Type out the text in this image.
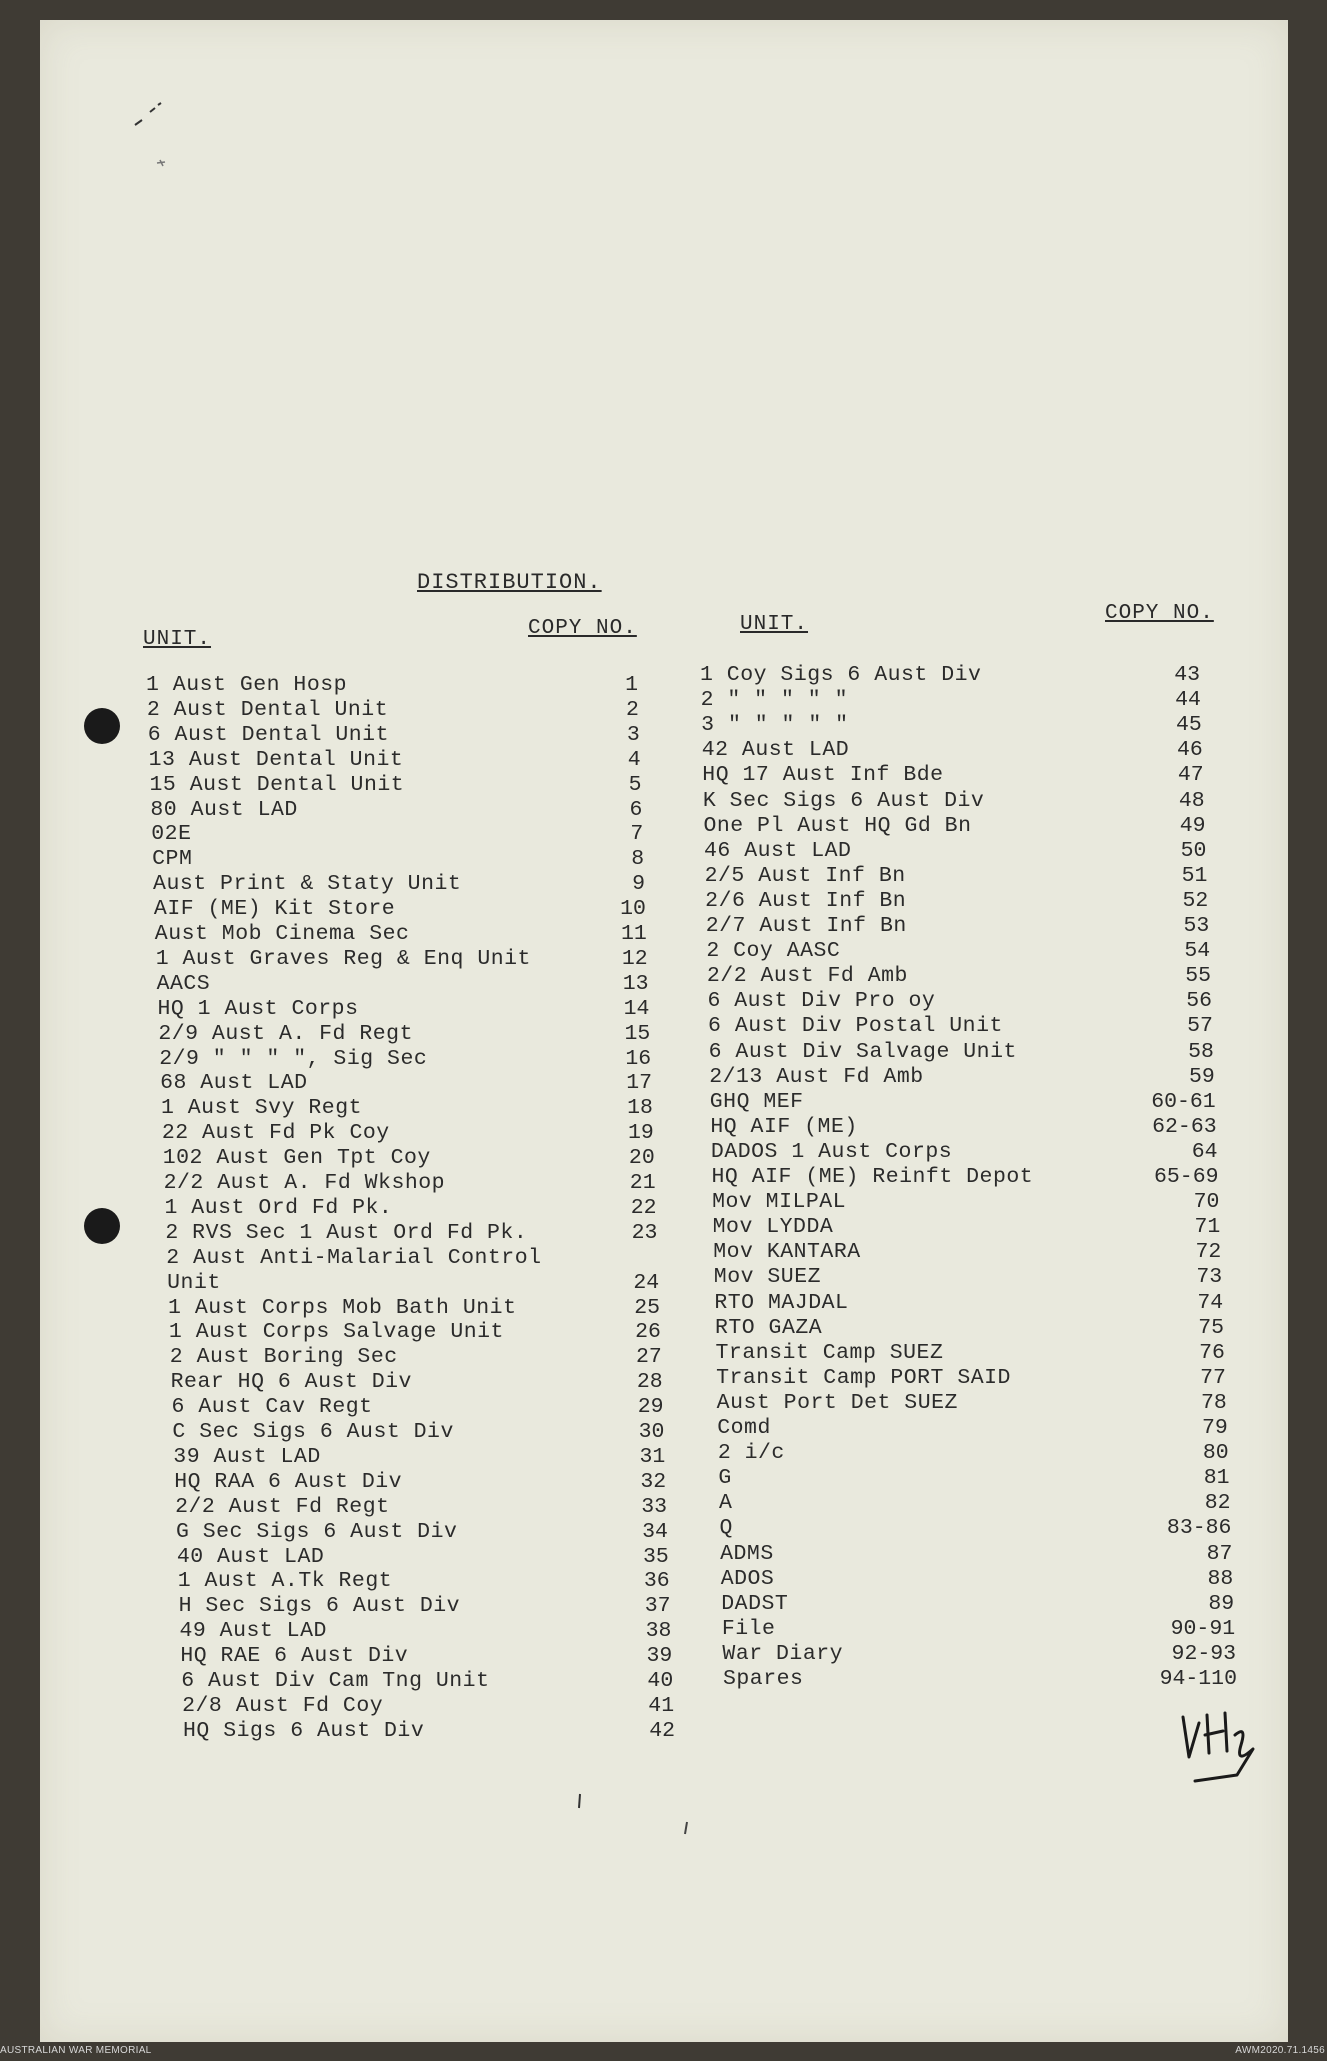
DISTRIBUTION.
UNIT.	COPY NO.	UNIT.	COPY NO.
1 Aust Gen Hosp	1
2 Aust Dental Unit	2
6 Aust Dental Unit	3
13 Aust Dental Unit	4
15 Aust Dental Unit	5
80 Aust LAD	6
02E	7
CPM	8
Aust Print & Staty Unit	9
AIF (ME) Kit Store	10
Aust Mob Cinema Sec	11
1 Aust Graves Reg & Enq Unit	12
AACS	13
HQ 1 Aust Corps	14
2/9 Aust A. Fd Regt	15
2/9 " " " ", Sig Sec	16
68 Aust LAD	17
1 Aust Svy Regt	18
22 Aust Fd Pk Coy	19
102 Aust Gen Tpt Coy	20
2/2 Aust A. Fd Wkshop	21
1 Aust Ord Fd Pk.	22
2 RVS Sec 1 Aust Ord Fd Pk.	23
2 Aust Anti-Malarial Control
Unit	24
1 Aust Corps Mob Bath Unit	25
1 Aust Corps Salvage Unit	26
2 Aust Boring Sec	27
Rear HQ 6 Aust Div	28
6 Aust Cav Regt	29
C Sec Sigs 6 Aust Div	30
39 Aust LAD	31
HQ RAA 6 Aust Div	32
2/2 Aust Fd Regt	33
G Sec Sigs 6 Aust Div	34
40 Aust LAD	35
1 Aust A.Tk Regt	36
H Sec Sigs 6 Aust Div	37
49 Aust LAD	38
HQ RAE 6 Aust Div	39
6 Aust Div Cam Tng Unit	40
2/8 Aust Fd Coy	41
HQ Sigs 6 Aust Div	42
1 Coy Sigs 6 Aust Div	43
2 " " " " "	44
3 " " " " "	45
42 Aust LAD	46
HQ 17 Aust Inf Bde	47
K Sec Sigs 6 Aust Div	48
One Pl Aust HQ Gd Bn	49
46 Aust LAD	50
2/5 Aust Inf Bn	51
2/6 Aust Inf Bn	52
2/7 Aust Inf Bn	53
2 Coy AASC	54
2/2 Aust Fd Amb	55
6 Aust Div Pro oy	56
6 Aust Div Postal Unit	57
6 Aust Div Salvage Unit	58
2/13 Aust Fd Amb	59
GHQ MEF	60-61
HQ AIF (ME)	62-63
DADOS 1 Aust Corps	64
HQ AIF (ME) Reinft Depot	65-69
Mov MILPAL	70
Mov LYDDA	71
Mov KANTARA	72
Mov SUEZ	73
RTO MAJDAL	74
RTO GAZA	75
Transit Camp SUEZ	76
Transit Camp PORT SAID	77
Aust Port Det SUEZ	78
Comd	79
2 i/c	80
G	81
A	82
Q	83-86
ADMS	87
ADOS	88
DADST	89
File	90-91
War Diary	92-93
Spares	94-110
AUSTRALIAN WAR MEMORIAL	AWM2020.71.1456
